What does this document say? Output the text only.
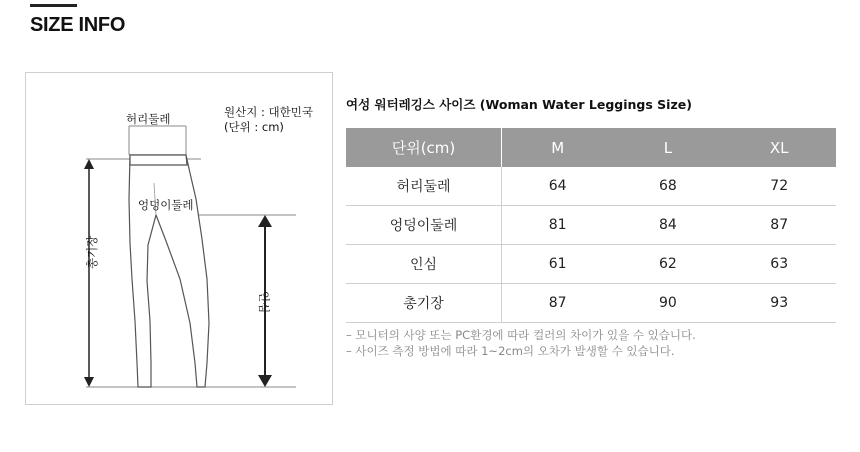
SIZE INFO
원산지 : 대한민국
(단위 : cm)
허리둘레
엉덩이둘레
총기장
인심
여성 워터레깅스 사이즈 (Woman Water Leggings Size)
단위(cm)	M	L	XL
허리둘레	64	68	72
엉덩이둘레	81	84	87
인심	61	62	63
총기장	87	90	93

– 모니터의 사양 또는 PC환경에 따라 컬러의 차이가 있을 수 있습니다.

– 사이즈 측정 방법에 따라 1~2cm의 오차가 발생할 수 있습니다.
